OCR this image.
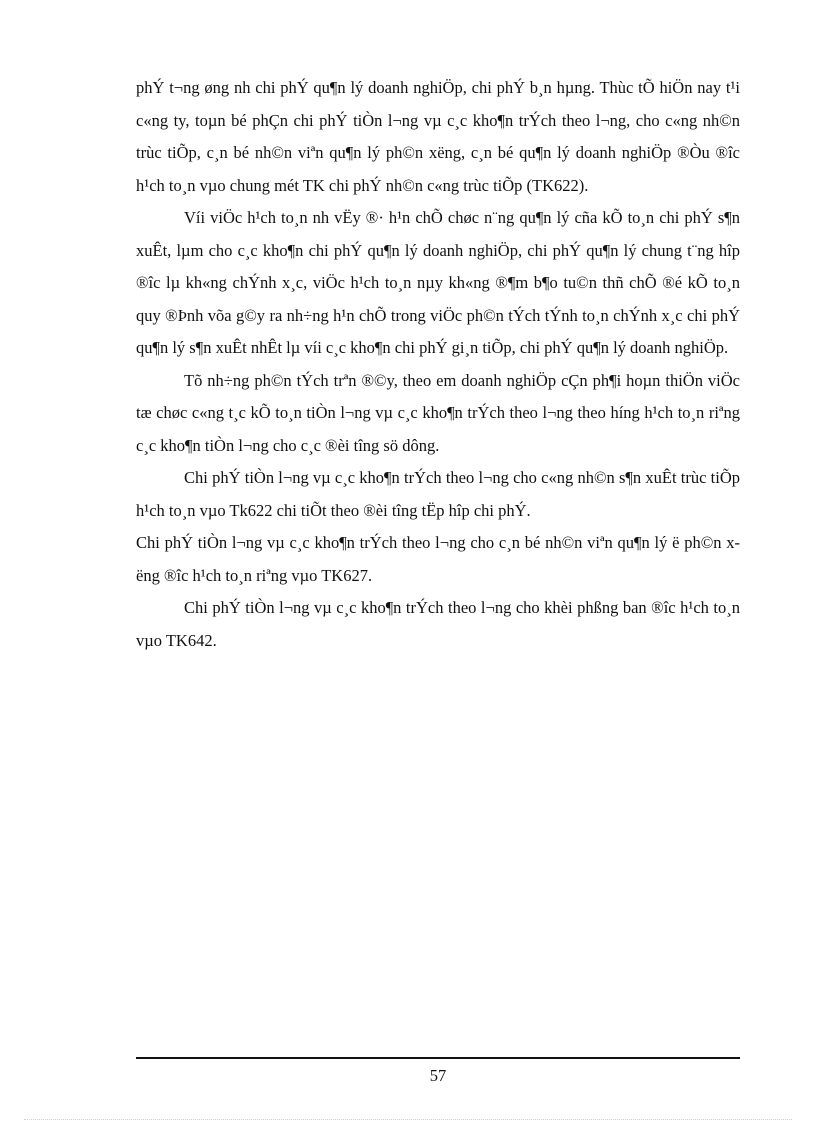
phÝ t¬ng øng nh chi phÝ qu¶n lý doanh nghiÖp, chi phÝ b¸n hµng. Thùc tÕ hiÖn nay t¹i c«ng ty, toµn bé phÇn chi phÝ tiÒn l¬ng vµ c¸c kho¶n trÝch theo l¬ng, cho c«ng nh©n trùc tiÕp, c¸n bé nh©n viªn qu¶n lý ph©n xëng, c¸n bé qu¶n lý doanh nghiÖp ®Òu ®îc h¹ch to¸n vµo chung mét TK chi phÝ nh©n c«ng trùc tiÕp (TK622).

Víi viÖc h¹ch to¸n nh vËy ®· h¹n chÕ chøc n¨ng qu¶n lý cña kÕ to¸n chi phÝ s¶n xuÊt, lµm cho c¸c kho¶n chi phÝ qu¶n lý doanh nghiÖp, chi phÝ qu¶n lý chung t¨ng hîp ®îc lµ kh«ng chÝnh x¸c, viÖc h¹ch to¸n nµy kh«ng ®¶m b¶o tu©n thñ chÕ ®é kÕ to¸n quy ®Þnh võa g©y ra nh÷ng h¹n chÕ trong viÖc ph©n tÝch tÝnh to¸n chÝnh x¸c chi phÝ qu¶n lý s¶n xuÊt nhÊt lµ víi c¸c kho¶n chi phÝ gi¸n tiÕp, chi phÝ qu¶n lý doanh nghiÖp.

Tõ nh÷ng ph©n tÝch trªn ®©y, theo em doanh nghiÖp cÇn ph¶i hoµn thiÖn viÖc tæ chøc c«ng t¸c kÕ to¸n tiÒn l¬ng vµ c¸c kho¶n trÝch theo l¬ng theo híng h¹ch to¸n riªng c¸c kho¶n tiÒn l¬ng cho c¸c ®èi tîng sö dông.

Chi phÝ tiÒn l¬ng vµ c¸c kho¶n trÝch theo l¬ng cho c«ng nh©n s¶n xuÊt trùc tiÕp h¹ch to¸n vµo Tk622 chi tiÕt theo ®èi tîng tËp hîp chi phÝ.

Chi phÝ tiÒn l¬ng vµ c¸c kho¶n trÝch theo l¬ng cho c¸n bé nh©n viªn qu¶n lý ë ph©n xëng ®îc h¹ch to¸n riªng vµo TK627.

Chi phÝ tiÒn l¬ng vµ c¸c kho¶n trÝch theo l¬ng cho khèi phßng ban ®îc h¹ch to¸n vµo TK642.

57
